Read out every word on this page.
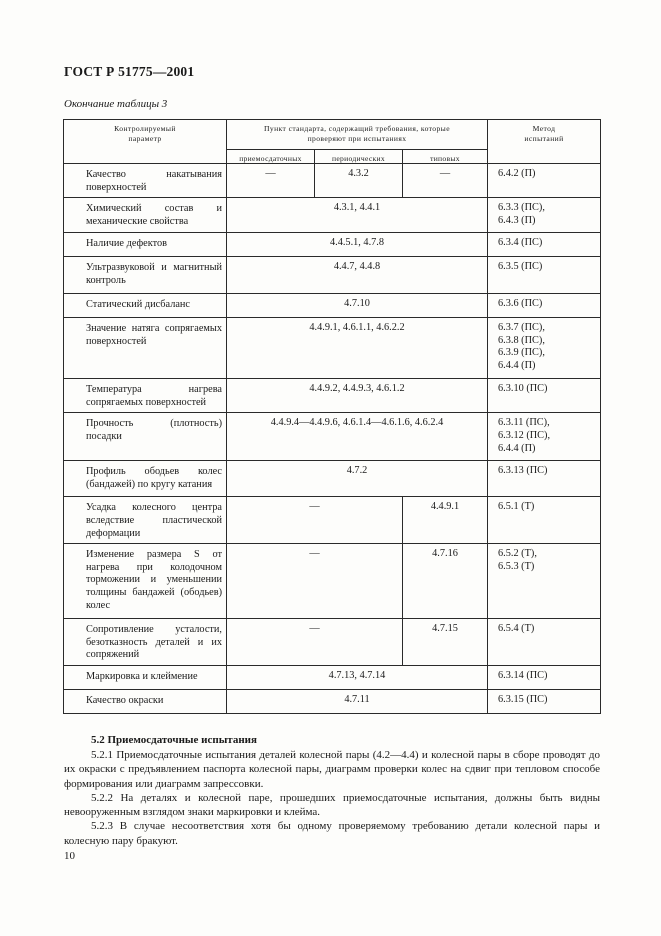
ГОСТ Р 51775—2001
Окончание таблицы 3
Контролируемый параметр	Пункт стандарта, содержащий требования, которые проверяют при испытаниях			Метод испытаний

	приемосдаточных	периодических	типовых	
Качество накатывания поверхностей	—	4.3.2	—	6.4.2 (П)

Химический состав и механические свойства	4.3.1, 4.4.1			6.3.3 (ПС),
6.4.3 (П)

Наличие дефектов	4.4.5.1, 4.7.8			6.3.4 (ПС)

Ультразвуковой и магнитный контроль	4.4.7, 4.4.8			6.3.5 (ПС)

Статический дисбаланс	4.7.10			6.3.6 (ПС)

Значение натяга сопрягаемых поверхностей	4.4.9.1, 4.6.1.1, 4.6.2.2			6.3.7 (ПС),
6.3.8 (ПС),
6.3.9 (ПС),
6.4.4 (П)

Температура нагрева сопрягаемых поверхностей	4.4.9.2, 4.4.9.3, 4.6.1.2			6.3.10 (ПС)

Прочность (плотность) посадки	4.4.9.4—4.4.9.6, 4.6.1.4—4.6.1.6, 4.6.2.4			6.3.11 (ПС),
6.3.12 (ПС),
6.4.4 (П)

Профиль ободьев колес (бандажей) по кругу катания	4.7.2			6.3.13 (ПС)

Усадка колесного центра вследствие пластической деформации	—		4.4.9.1	6.5.1 (Т)

Изменение размера S от нагрева при колодочном торможении и уменьшении толщины бандажей (ободьев) колес	—		4.7.16	6.5.2 (Т),
6.5.3 (Т)

Сопротивление усталости, безотказность деталей и их сопряжений	—		4.7.15	6.5.4 (Т)

Маркировка и клеймение	4.7.13, 4.7.14			6.3.14 (ПС)

Качество окраски	4.7.11			6.3.15 (ПС)
5.2 Приемосдаточные испытания

5.2.1 Приемосдаточные испытания деталей колесной пары (4.2—4.4) и колесной пары в сборе проводят до их окраски с предъявлением паспорта колесной пары, диаграмм проверки колес на сдвиг при тепловом способе формирования или диаграмм запрессовки.

5.2.2 На деталях и колесной паре, прошедших приемосдаточные испытания, должны быть видны невооруженным взглядом знаки маркировки и клейма.

5.2.3 В случае несоответствия хотя бы одному проверяемому требованию детали колесной пары и колесную пару бракуют.

10
